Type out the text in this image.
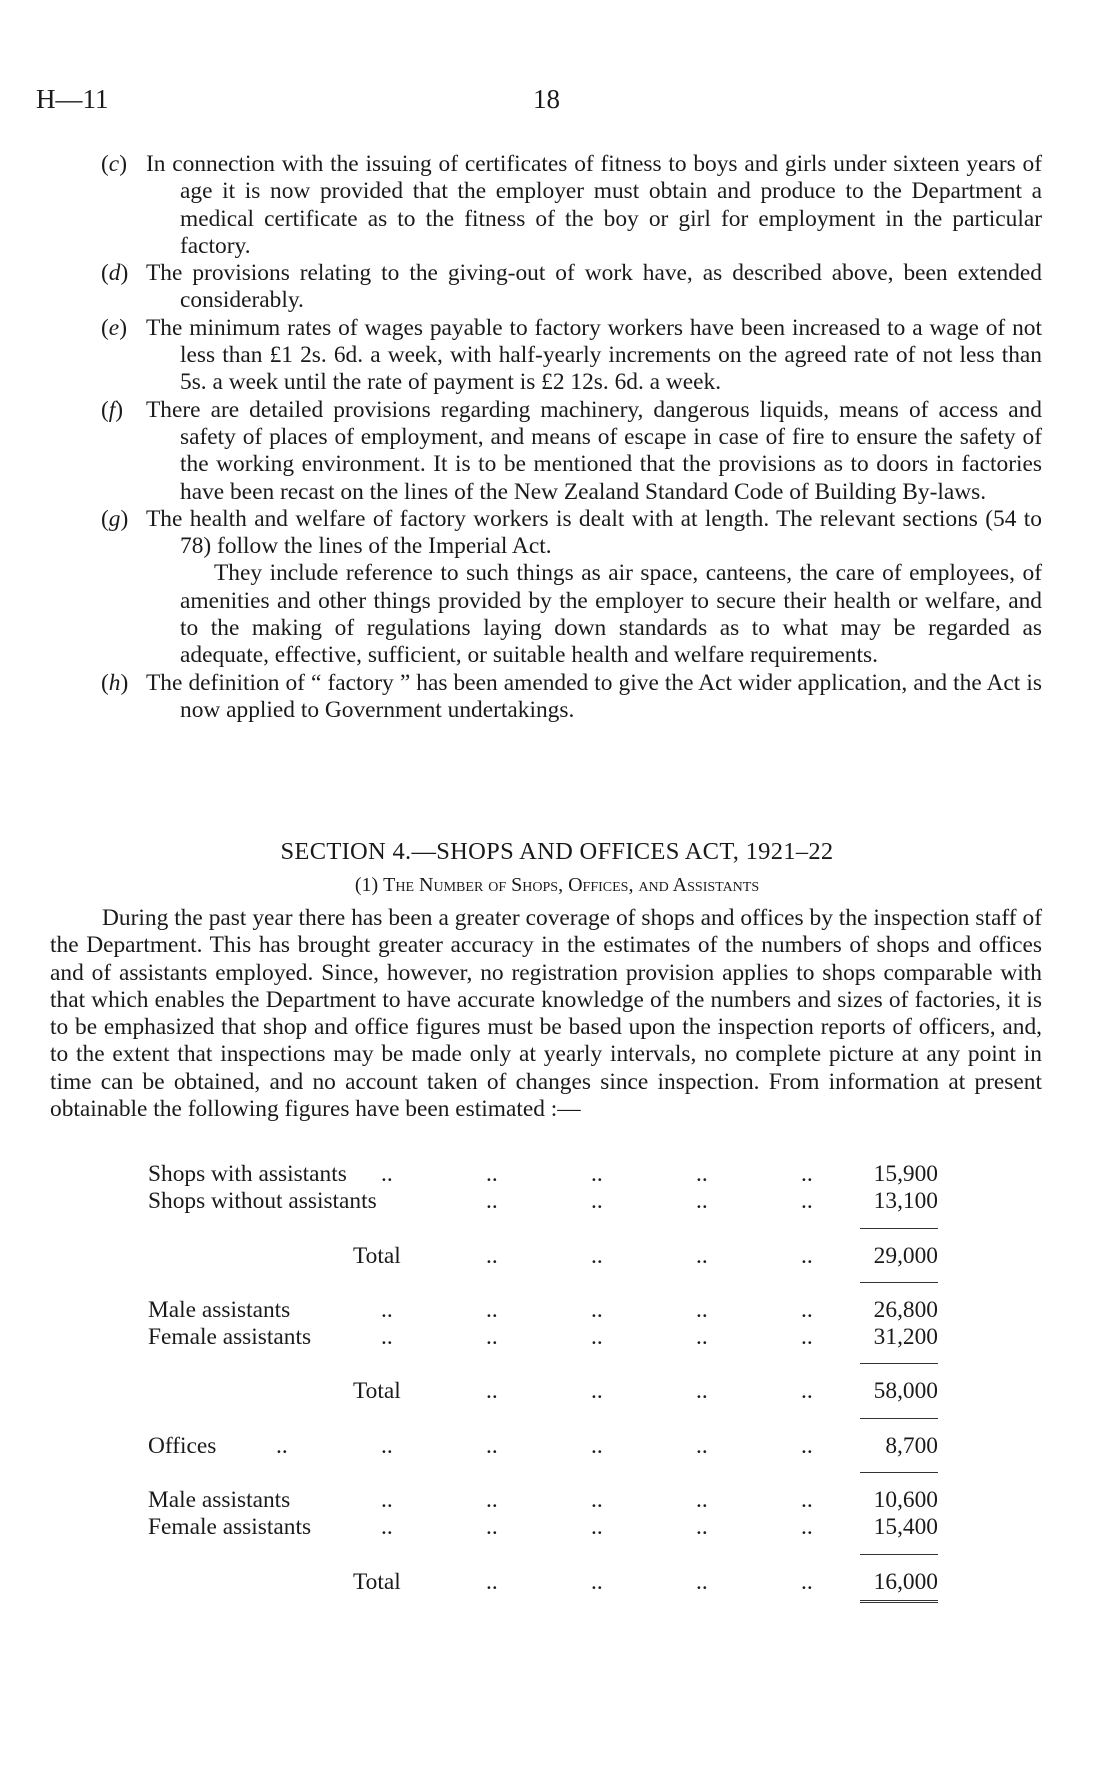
H—11	18
(c) In connection with the issuing of certificates of fitness to boys and girls under sixteen years of age it is now provided that the employer must obtain and produce to the Department a medical certificate as to the fitness of the boy or girl for employment in the particular factory.
(d) The provisions relating to the giving-out of work have, as described above, been extended considerably.
(e) The minimum rates of wages payable to factory workers have been increased to a wage of not less than £1 2s. 6d. a week, with half-yearly increments on the agreed rate of not less than 5s. a week until the rate of payment is £2 12s. 6d. a week.
(f) There are detailed provisions regarding machinery, dangerous liquids, means of access and safety of places of employment, and means of escape in case of fire to ensure the safety of the working environment. It is to be mentioned that the provisions as to doors in factories have been recast on the lines of the New Zealand Standard Code of Building By-laws.
(g) The health and welfare of factory workers is dealt with at length. The relevant sections (54 to 78) follow the lines of the Imperial Act.
They include reference to such things as air space, canteens, the care of employees, of amenities and other things provided by the employer to secure their health or welfare, and to the making of regulations laying down standards as to what may be regarded as adequate, effective, sufficient, or suitable health and welfare requirements.
(h) The definition of “ factory ” has been amended to give the Act wider application, and the Act is now applied to Government undertakings.
SECTION 4.—SHOPS AND OFFICES ACT, 1921–22
(1) The Number of Shops, Offices, and Assistants
During the past year there has been a greater coverage of shops and offices by the inspection staff of the Department. This has brought greater accuracy in the estimates of the numbers of shops and offices and of assistants employed. Since, however, no registration provision applies to shops comparable with that which enables the Department to have accurate knowledge of the numbers and sizes of factories, it is to be emphasized that shop and office figures must be based upon the inspection reports of officers, and, to the extent that inspections may be made only at yearly intervals, no complete picture at any point in time can be obtained, and no account taken of changes since inspection. From information at present obtainable the following figures have been estimated :—
Shops with assistants ..	..	..	..	..	15,900
Shops without assistants	..	..	..	..	13,100
Total	..	..	..	..	29,000
Male assistants	..	..	..	..	..	26,800
Female assistants	..	..	..	..	..	31,200
Total	..	..	..	..	58,000
Offices	..	..	..	..	..	..	8,700
Male assistants	..	..	..	..	..	10,600
Female assistants	..	..	..	..	..	15,400
Total	..	..	..	..	16,000
